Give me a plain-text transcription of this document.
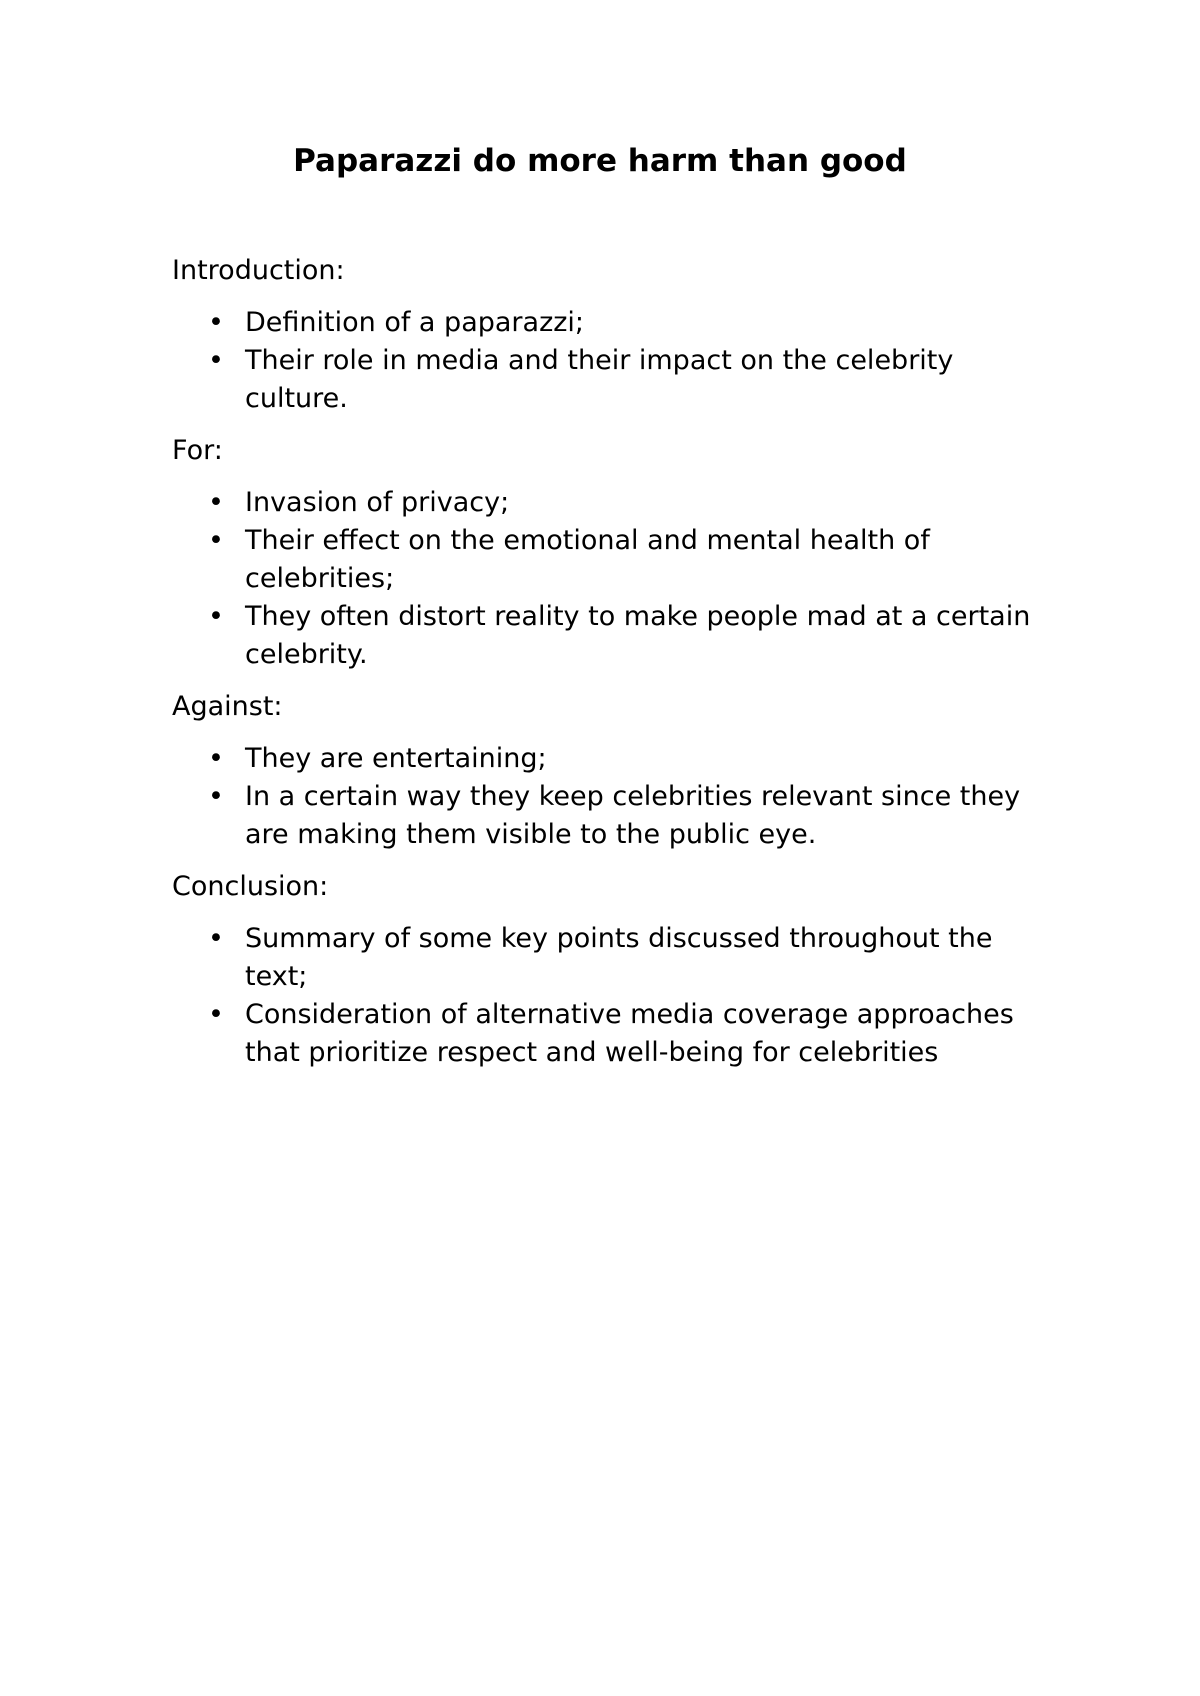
Paparazzi do more harm than good

Introduction:

• Definition of a paparazzi;
• Their role in media and their impact on the celebrity culture.

For:

• Invasion of privacy;
• Their effect on the emotional and mental health of celebrities;
• They often distort reality to make people mad at a certain celebrity.

Against:

• They are entertaining;
• In a certain way they keep celebrities relevant since they are making them visible to the public eye.

Conclusion:

• Summary of some key points discussed throughout the text;
• Consideration of alternative media coverage approaches that prioritize respect and well-being for celebrities
